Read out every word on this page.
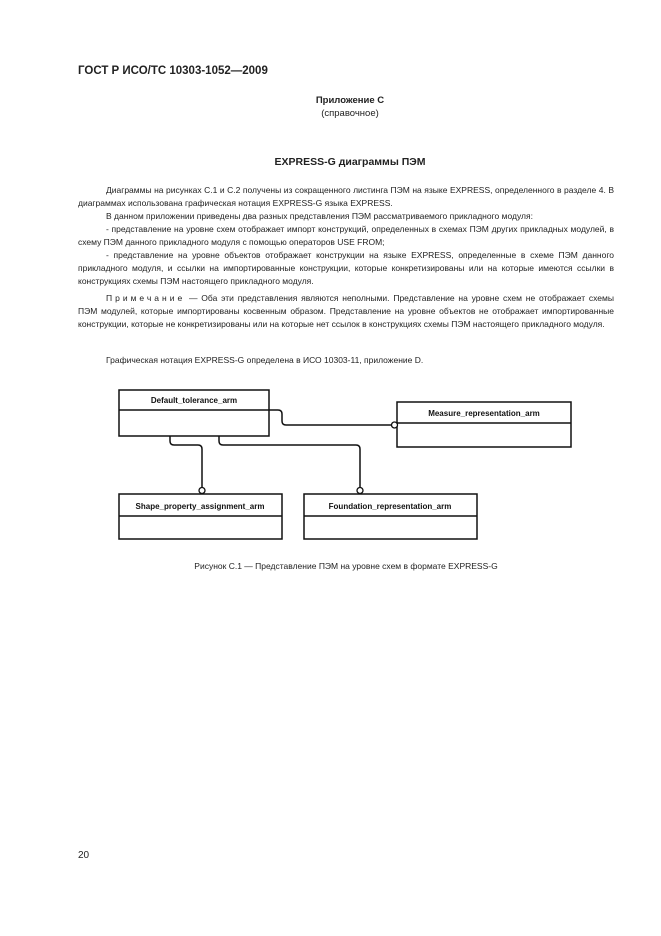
ГОСТ Р ИСО/ТС 10303-1052—2009
Приложение С
(справочное)
EXPRESS-G диаграммы ПЭМ

Диаграммы на рисунках С.1 и С.2 получены из сокращенного листинга ПЭМ на языке EXPRESS, определенного в разделе 4. В диаграммах использована графическая нотация EXPRESS-G языка EXPRESS.

В данном приложении приведены два разных представления ПЭМ рассматриваемого прикладного модуля:

- представление на уровне схем отображает импорт конструкций, определенных в схемах ПЭМ других прикладных модулей, в схему ПЭМ данного прикладного модуля с помощью операторов USE FROM;

- представление на уровне объектов отображает конструкции на языке EXPRESS, определенные в схеме ПЭМ данного прикладного модуля, и ссылки на импортированные конструкции, которые конкретизированы или на которые имеются ссылки в конструкциях схемы ПЭМ настоящего прикладного модуля.

Примечание — Оба эти представления являются неполными. Представление на уровне схем не отображает схемы ПЭМ модулей, которые импортированы косвенным образом. Представление на уровне объектов не отображает импортированные конструкции, которые не конкретизированы или на которые нет ссылок в конструкциях схемы ПЭМ настоящего прикладного модуля.

Графическая нотация EXPRESS-G определена в ИСО 10303-11, приложение D.

Default_tolerance_arm
Measure_representation_arm
Shape_property_assignment_arm	Foundation_representation_arm
Рисунок С.1 — Представление ПЭМ на уровне схем в формате EXPRESS-G
20
